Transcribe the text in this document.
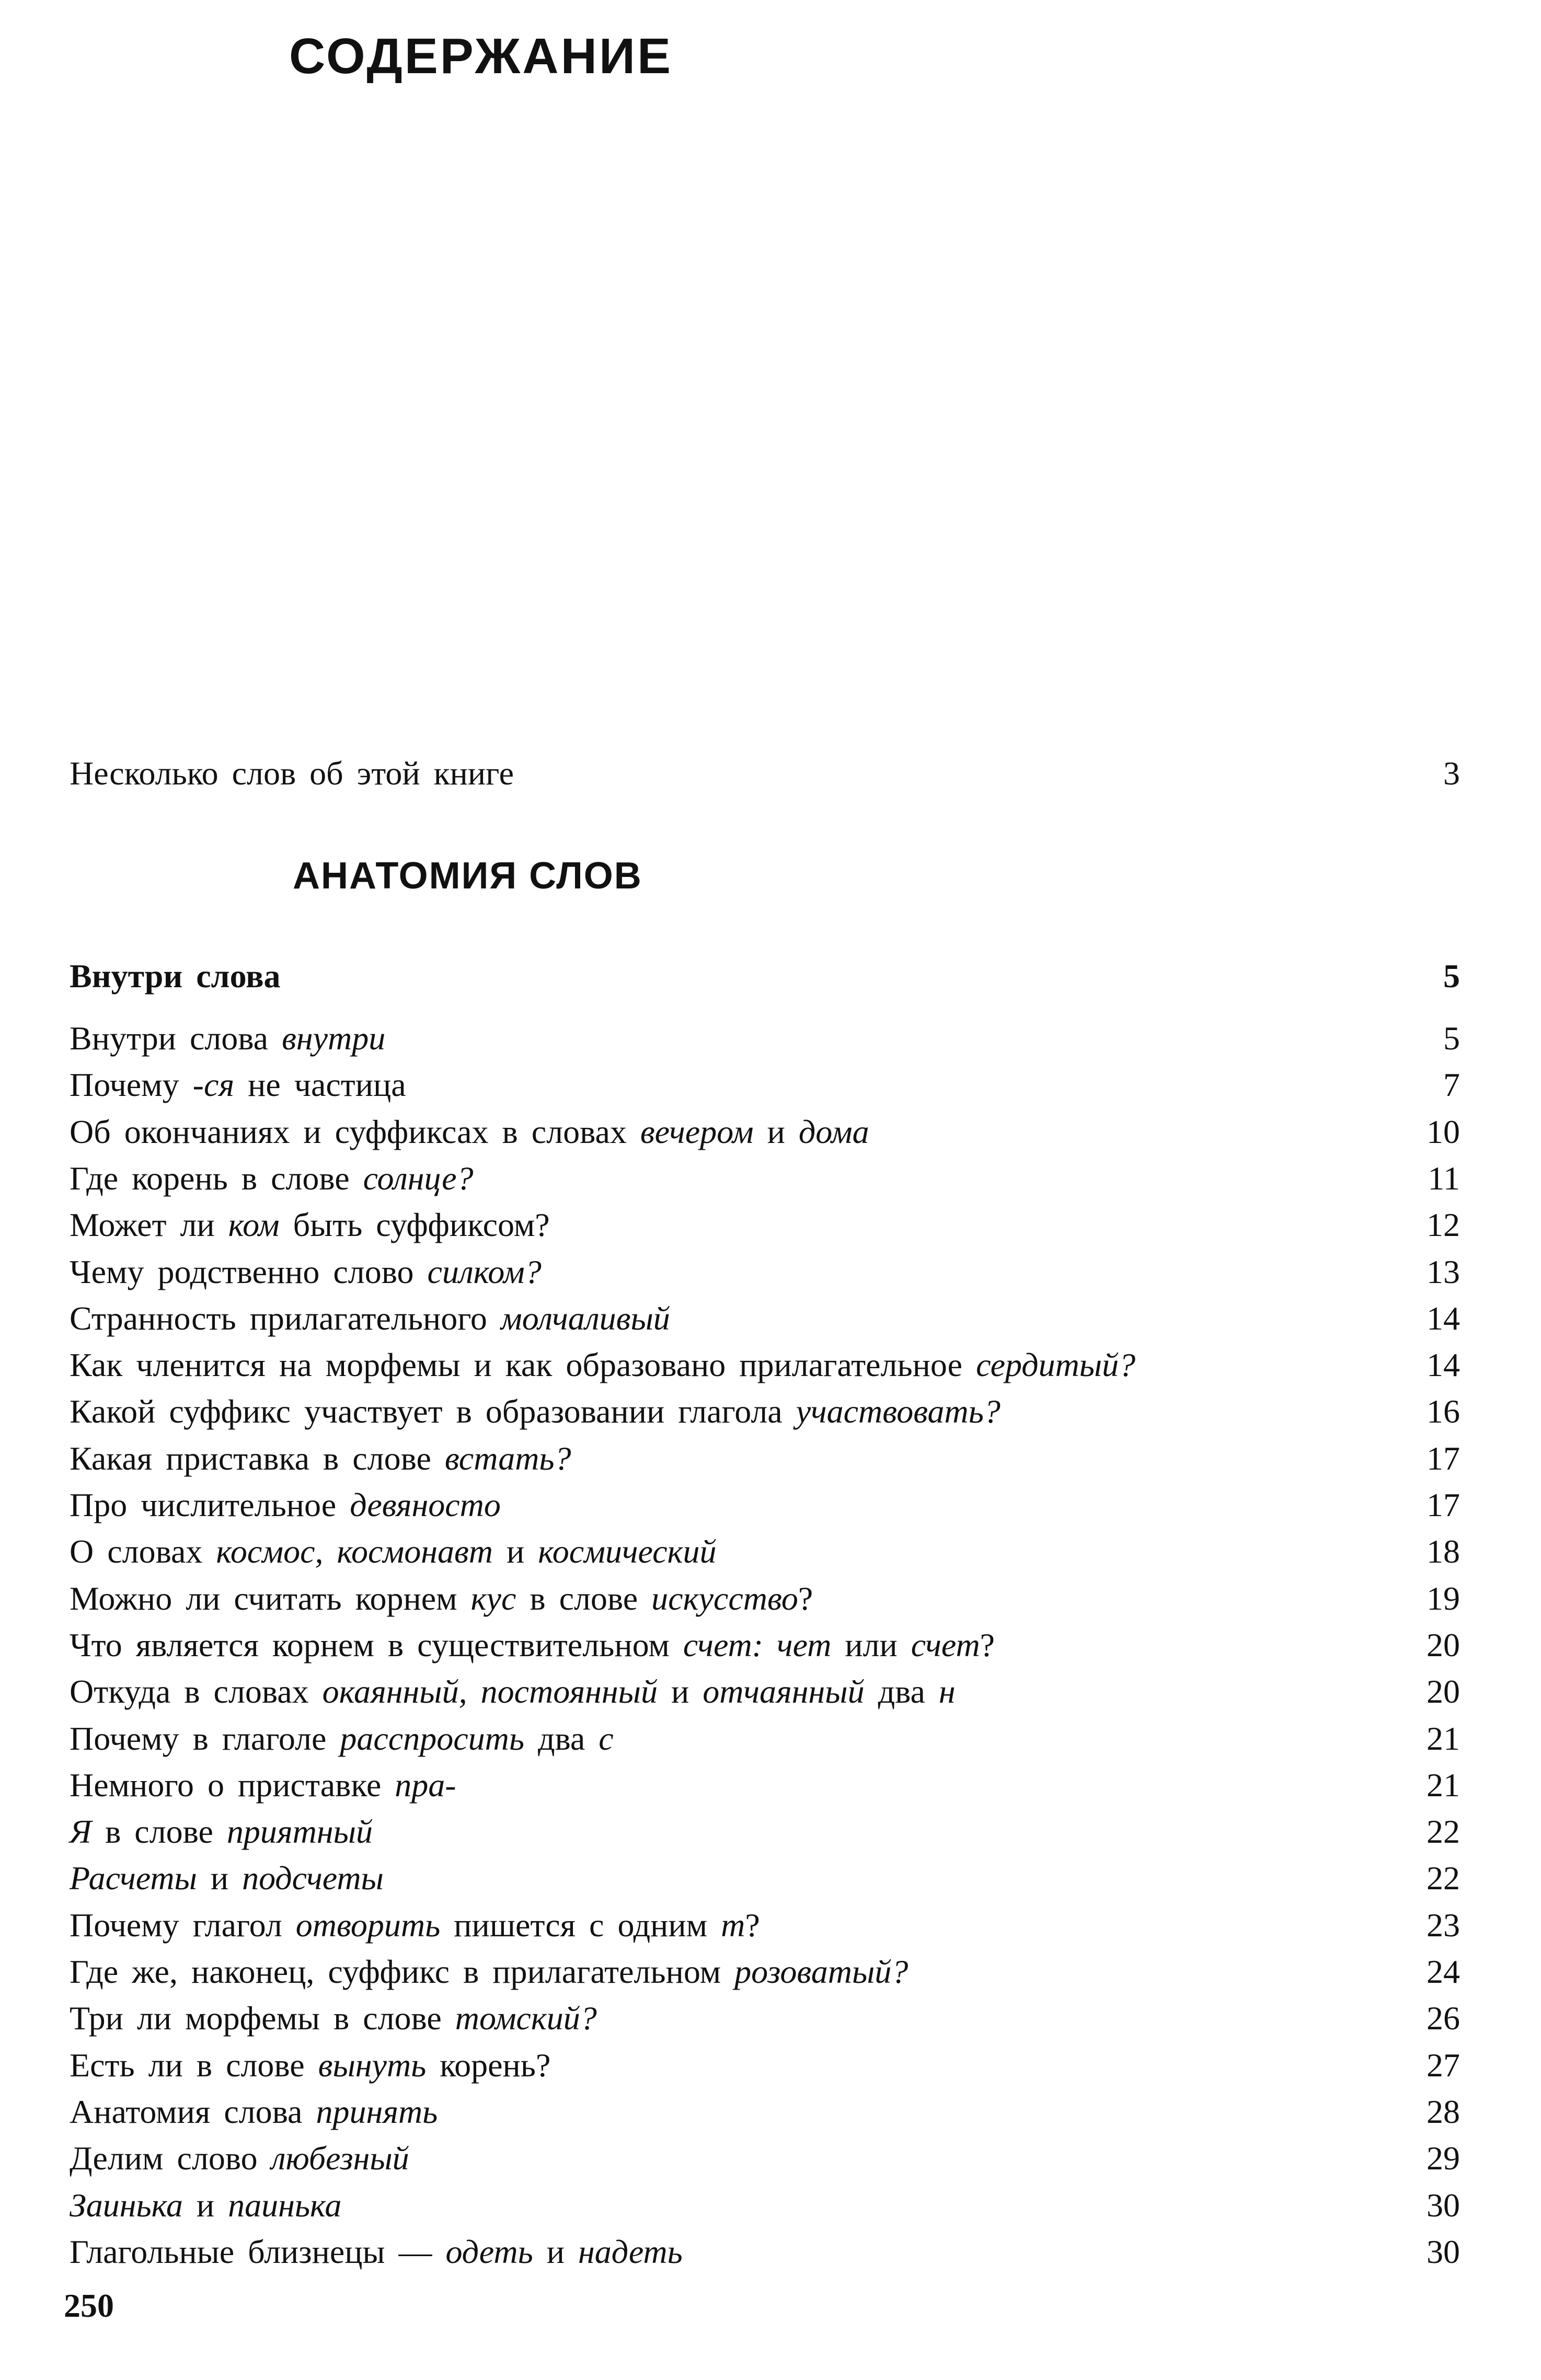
СОДЕРЖАНИЕ
Несколько слов об этой книге	3
АНАТОМИЯ СЛОВ
Внутри слова	5
Внутри слова внутри	5
Почему -ся не частица	7
Об окончаниях и суффиксах в словах вечером и дома	10
Где корень в слове солнце?	11
Может ли ком быть суффиксом?	12
Чему родственно слово силком?	13
Странность прилагательного молчаливый	14
Как членится на морфемы и как образовано прилагательное сердитый?	14
Какой суффикс участвует в образовании глагола участвовать?	16
Какая приставка в слове встать?	17
Про числительное девяносто	17
О словах космос, космонавт и космический	18
Можно ли считать корнем кус в слове искусство?	19
Что является корнем в существительном счет: чет или счет?	20
Откуда в словах окаянный, постоянный и отчаянный два н	20
Почему в глаголе расспросить два с	21
Немного о приставке пра-	21
Я в слове приятный	22
Расчеты и подсчеты	22
Почему глагол отворить пишется с одним т?	23
Где же, наконец, суффикс в прилагательном розоватый?	24
Три ли морфемы в слове томский?	26
Есть ли в слове вынуть корень?	27
Анатомия слова принять	28
Делим слово любезный	29
Заинька и паинька	30
Глагольные близнецы — одеть и надеть	30
250
